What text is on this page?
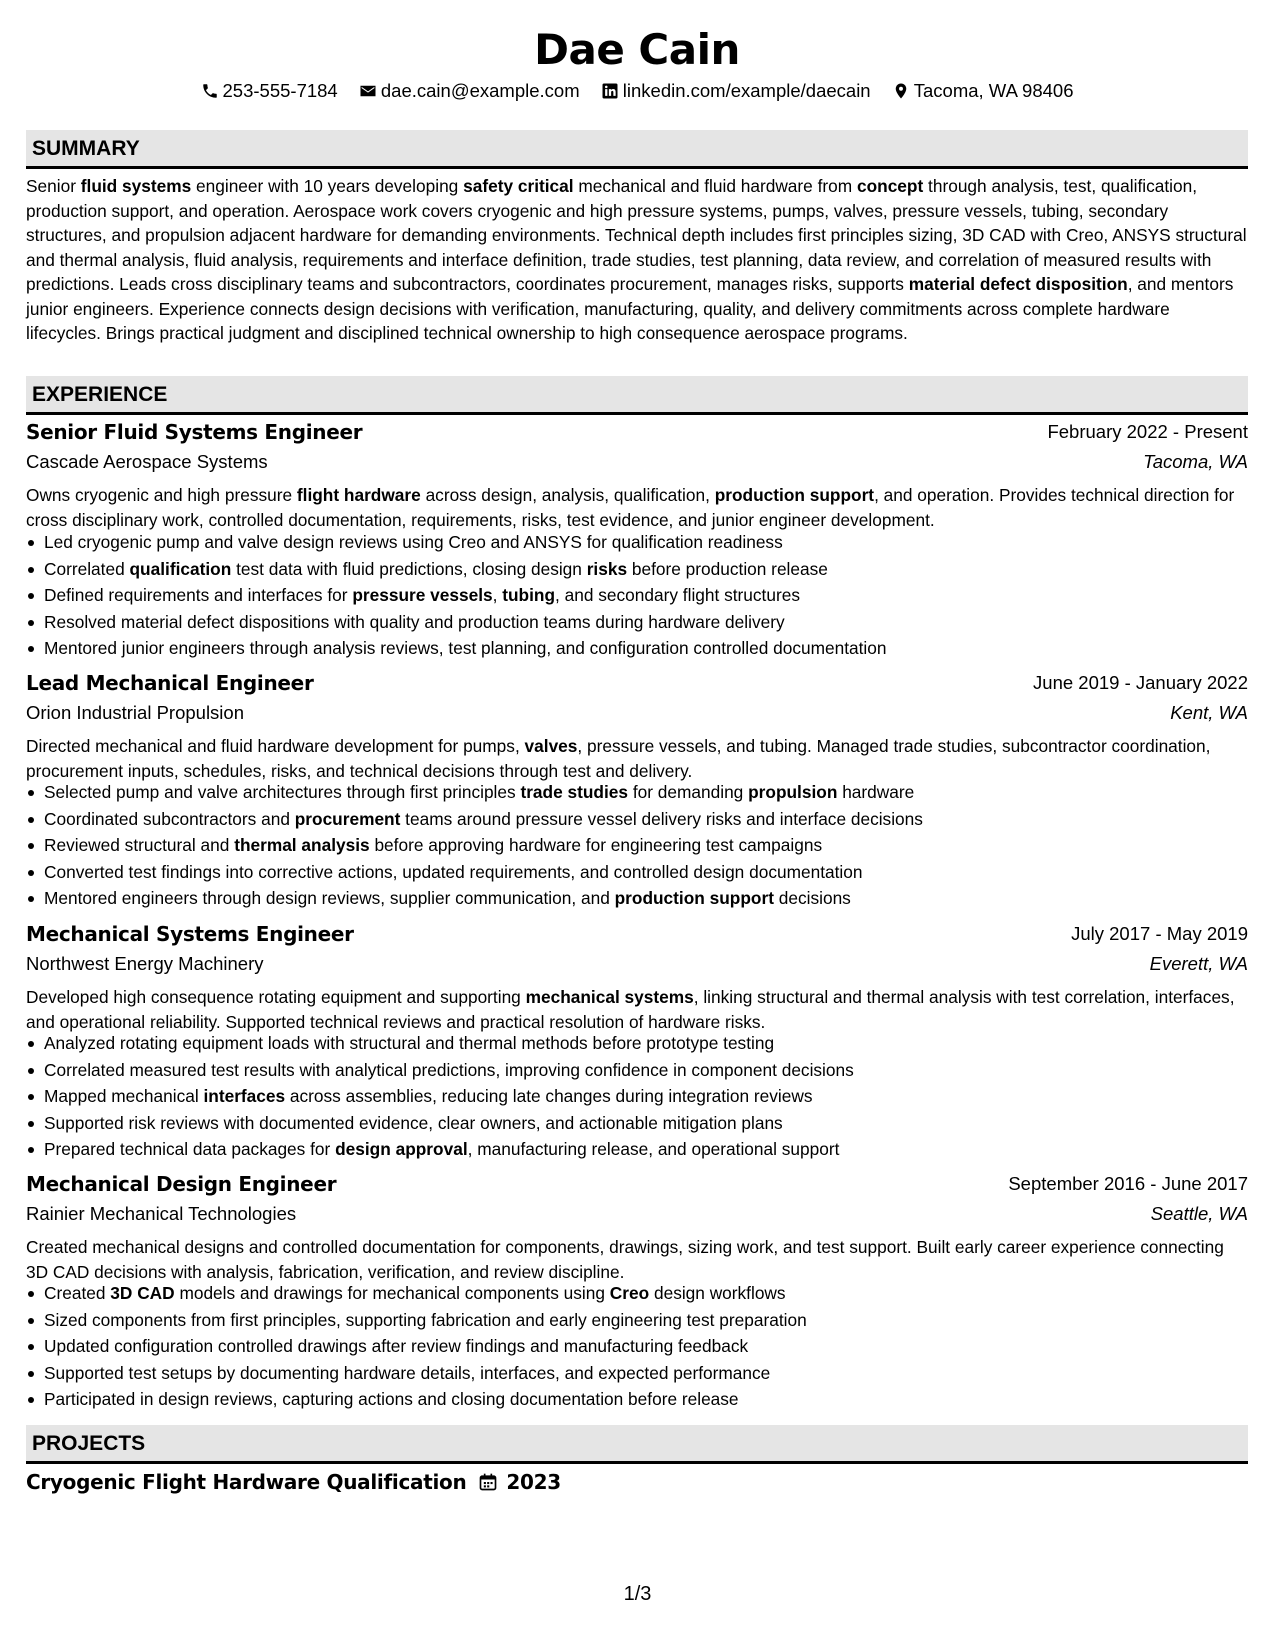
Dae Cain
253-555-7184
dae.cain@example.com
linkedin.com/example/daecain
Tacoma, WA 98406
SUMMARY

Senior fluid systems engineer with 10 years developing safety critical mechanical and fluid hardware from concept through analysis, test, qualification, production support, and operation. Aerospace work covers cryogenic and high pressure systems, pumps, valves, pressure vessels, tubing, secondary structures, and propulsion adjacent hardware for demanding environments. Technical depth includes first principles sizing, 3D CAD with Creo, ANSYS structural and thermal analysis, fluid analysis, requirements and interface definition, trade studies, test planning, data review, and correlation of measured results with predictions. Leads cross disciplinary teams and subcontractors, coordinates procurement, manages risks, supports material defect disposition, and mentors junior engineers. Experience connects design decisions with verification, manufacturing, quality, and delivery commitments across complete hardware lifecycles. Brings practical judgment and disciplined technical ownership to high consequence aerospace programs.

EXPERIENCE
Senior Fluid Systems Engineer	February 2022 - Present
Cascade Aerospace Systems	Tacoma, WA

Owns cryogenic and high pressure flight hardware across design, analysis, qualification, production support, and operation. Provides technical direction for cross disciplinary work, controlled documentation, requirements, risks, test evidence, and junior engineer development.

Led cryogenic pump and valve design reviews using Creo and ANSYS for qualification readiness
Correlated qualification test data with fluid predictions, closing design risks before production release
Defined requirements and interfaces for pressure vessels, tubing, and secondary flight structures
Resolved material defect dispositions with quality and production teams during hardware delivery
Mentored junior engineers through analysis reviews, test planning, and configuration controlled documentation
Lead Mechanical Engineer	June 2019 - January 2022
Orion Industrial Propulsion	Kent, WA

Directed mechanical and fluid hardware development for pumps, valves, pressure vessels, and tubing. Managed trade studies, subcontractor coordination, procurement inputs, schedules, risks, and technical decisions through test and delivery.

Selected pump and valve architectures through first principles trade studies for demanding propulsion hardware
Coordinated subcontractors and procurement teams around pressure vessel delivery risks and interface decisions
Reviewed structural and thermal analysis before approving hardware for engineering test campaigns
Converted test findings into corrective actions, updated requirements, and controlled design documentation
Mentored engineers through design reviews, supplier communication, and production support decisions
Mechanical Systems Engineer	July 2017 - May 2019
Northwest Energy Machinery	Everett, WA

Developed high consequence rotating equipment and supporting mechanical systems, linking structural and thermal analysis with test correlation, interfaces, and operational reliability. Supported technical reviews and practical resolution of hardware risks.

Analyzed rotating equipment loads with structural and thermal methods before prototype testing
Correlated measured test results with analytical predictions, improving confidence in component decisions
Mapped mechanical interfaces across assemblies, reducing late changes during integration reviews
Supported risk reviews with documented evidence, clear owners, and actionable mitigation plans
Prepared technical data packages for design approval, manufacturing release, and operational support
Mechanical Design Engineer	September 2016 - June 2017
Rainier Mechanical Technologies	Seattle, WA

Created mechanical designs and controlled documentation for components, drawings, sizing work, and test support. Built early career experience connecting 3D CAD decisions with analysis, fabrication, verification, and review discipline.

Created 3D CAD models and drawings for mechanical components using Creo design workflows
Sized components from first principles, supporting fabrication and early engineering test preparation
Updated configuration controlled drawings after review findings and manufacturing feedback
Supported test setups by documenting hardware details, interfaces, and expected performance
Participated in design reviews, capturing actions and closing documentation before release
PROJECTS
Cryogenic Flight Hardware Qualification 2023
1/3
